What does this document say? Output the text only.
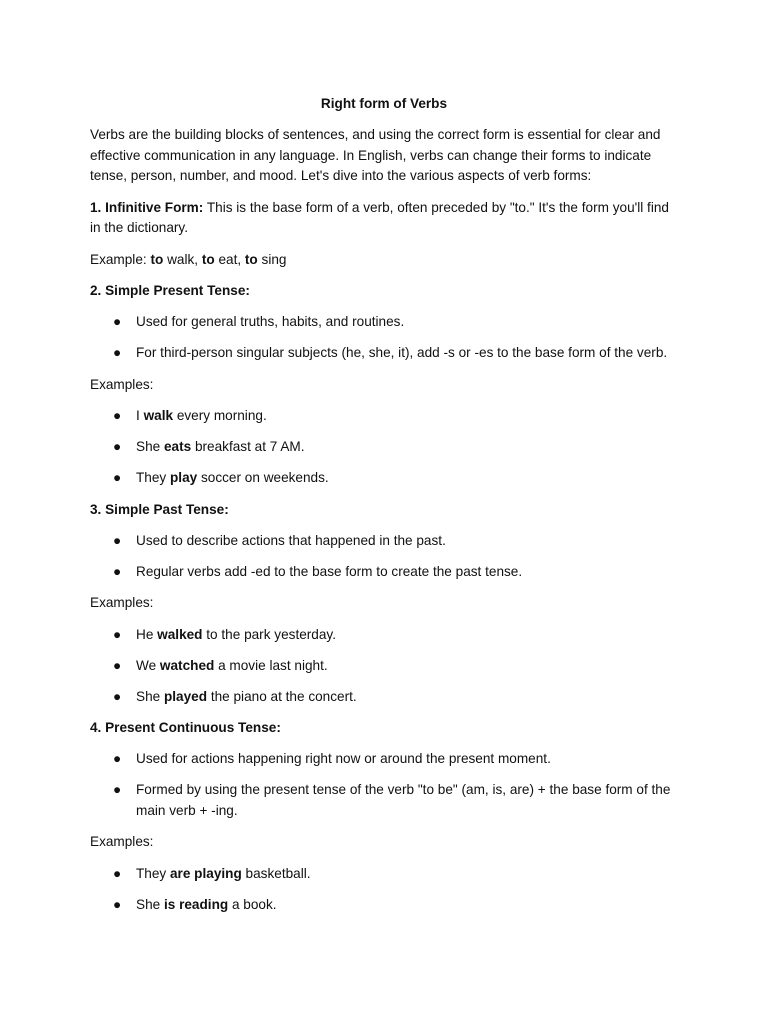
Right form of Verbs

Verbs are the building blocks of sentences, and using the correct form is essential for clear and effective communication in any language. In English, verbs can change their forms to indicate tense, person, number, and mood. Let's dive into the various aspects of verb forms:

1. Infinitive Form: This is the base form of a verb, often preceded by "to." It's the form you'll find in the dictionary.

Example: to walk, to eat, to sing

2. Simple Present Tense:
● Used for general truths, habits, and routines.
● For third-person singular subjects (he, she, it), add -s or -es to the base form of the verb.

Examples:

● I walk every morning.
● She eats breakfast at 7 AM.
● They play soccer on weekends.
3. Simple Past Tense:
● Used to describe actions that happened in the past.
● Regular verbs add -ed to the base form to create the past tense.

Examples:

● He walked to the park yesterday.
● We watched a movie last night.
● She played the piano at the concert.
4. Present Continuous Tense:
● Used for actions happening right now or around the present moment.
● Formed by using the present tense of the verb "to be" (am, is, are) + the base form of the main verb + -ing.

Examples:

● They are playing basketball.
● She is reading a book.
